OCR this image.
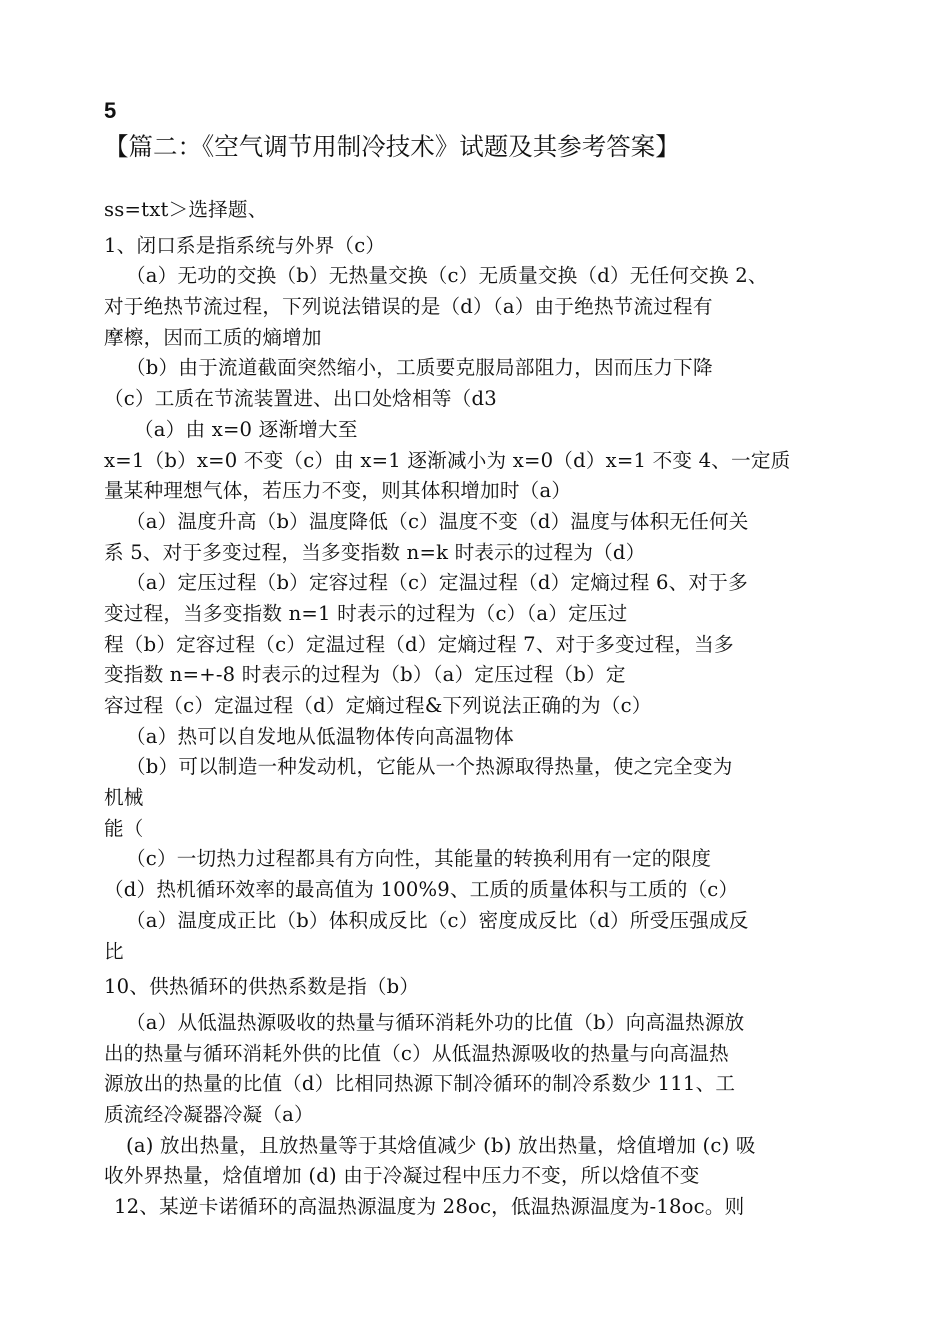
5
【篇二：《空气调节用制冷技术》试题及其参考答案】
ss=txt＞选择题、
1、闭口系是指系统与外界（c）
（a）无功的交换（b）无热量交换（c）无质量交换（d）无任何交换 2、
对于绝热节流过程，下列说法错误的是（d）（a）由于绝热节流过程有
摩檫，因而工质的熵增加
（b）由于流道截面突然缩小，工质要克服局部阻力，因而压力下降
（c）工质在节流装置进、出口处焓相等（d3
（a）由 x=0 逐渐增大至
x=1（b）x=0 不变（c）由 x=1 逐渐减小为 x=0（d）x=1 不变 4、一定质
量某种理想气体，若压力不变，则其体积增加时（a）
（a）温度升高（b）温度降低（c）温度不变（d）温度与体积无任何关
系 5、对于多变过程，当多变指数 n=k 时表示的过程为（d）
（a）定压过程（b）定容过程（c）定温过程（d）定熵过程 6、对于多
变过程，当多变指数 n=1 时表示的过程为（c）（a）定压过
程（b）定容过程（c）定温过程（d）定熵过程 7、对于多变过程，当多
变指数 n=+-8 时表示的过程为（b）（a）定压过程（b）定
容过程（c）定温过程（d）定熵过程&下列说法正确的为（c）
（a）热可以自发地从低温物体传向高温物体
（b）可以制造一种发动机，它能从一个热源取得热量，使之完全变为
机械
能（
（c）一切热力过程都具有方向性，其能量的转换利用有一定的限度
（d）热机循环效率的最高值为 100%9、工质的质量体积与工质的（c）
（a）温度成正比（b）体积成反比（c）密度成反比（d）所受压强成反
比
10、供热循环的供热系数是指（b）
（a）从低温热源吸收的热量与循环消耗外功的比值（b）向高温热源放
出的热量与循环消耗外供的比值（c）从低温热源吸收的热量与向高温热
源放出的热量的比值（d）比相同热源下制冷循环的制冷系数少 111、工
质流经冷凝器冷凝（a）
(a) 放出热量，且放热量等于其焓值减少 (b) 放出热量，焓值增加 (c) 吸
收外界热量，焓值增加 (d) 由于冷凝过程中压力不变，所以焓值不变
12、某逆卡诺循环的高温热源温度为 28oc，低温热源温度为-18oc。则
